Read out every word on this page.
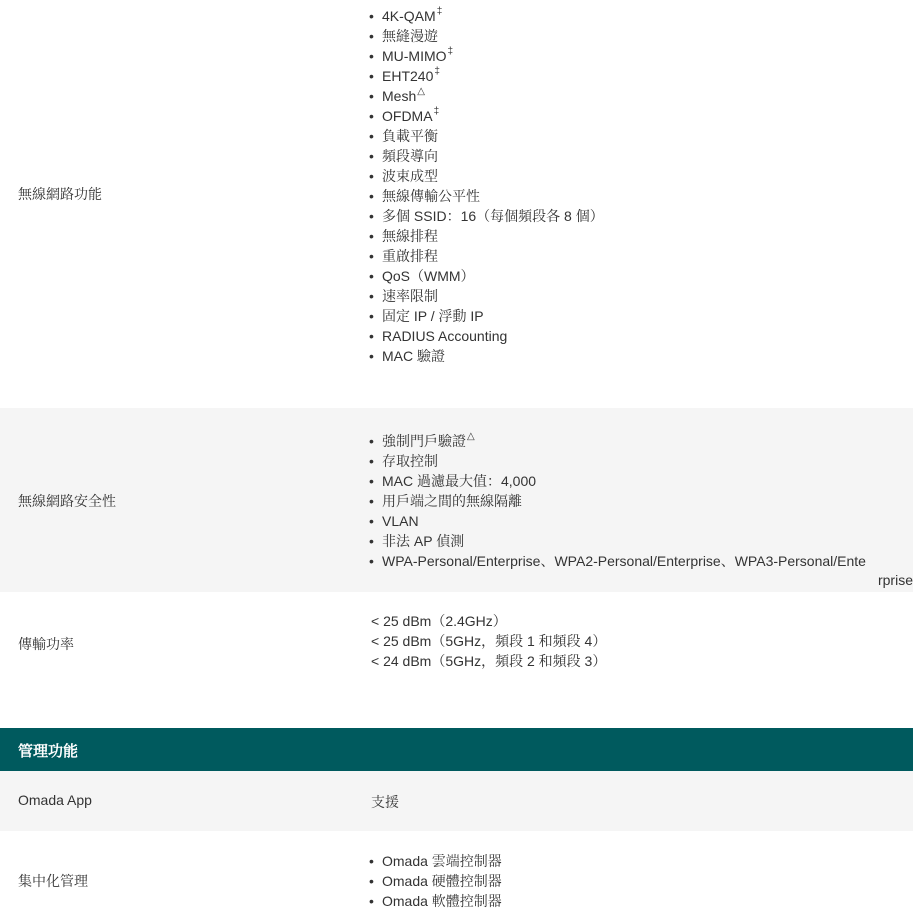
無線網路功能
• 4K-QAM‡
• 無縫漫遊
• MU-MIMO‡
• EHT240‡
• Mesh△
• OFDMA‡
• 負載平衡
• 頻段導向
• 波束成型
• 無線傳輸公平性
• 多個 SSID：16（每個頻段各 8 個）
• 無線排程
• 重啟排程
• QoS（WMM）
• 速率限制
• 固定 IP / 浮動 IP
• RADIUS Accounting
• MAC 驗證
無線網路安全性
• 強制門戶驗證△
• 存取控制
• MAC 過濾最大值：4,000
• 用戶端之間的無線隔離
• VLAN
• 非法 AP 偵測
• WPA-Personal/Enterprise、WPA2-Personal/Enterprise、WPA3-Personal/Ente
rprise
傳輸功率
< 25 dBm（2.4GHz）
< 25 dBm（5GHz，頻段 1 和頻段 4）
< 24 dBm（5GHz，頻段 2 和頻段 3）
管理功能
Omada App	支援
集中化管理
• Omada 雲端控制器
• Omada 硬體控制器
• Omada 軟體控制器
